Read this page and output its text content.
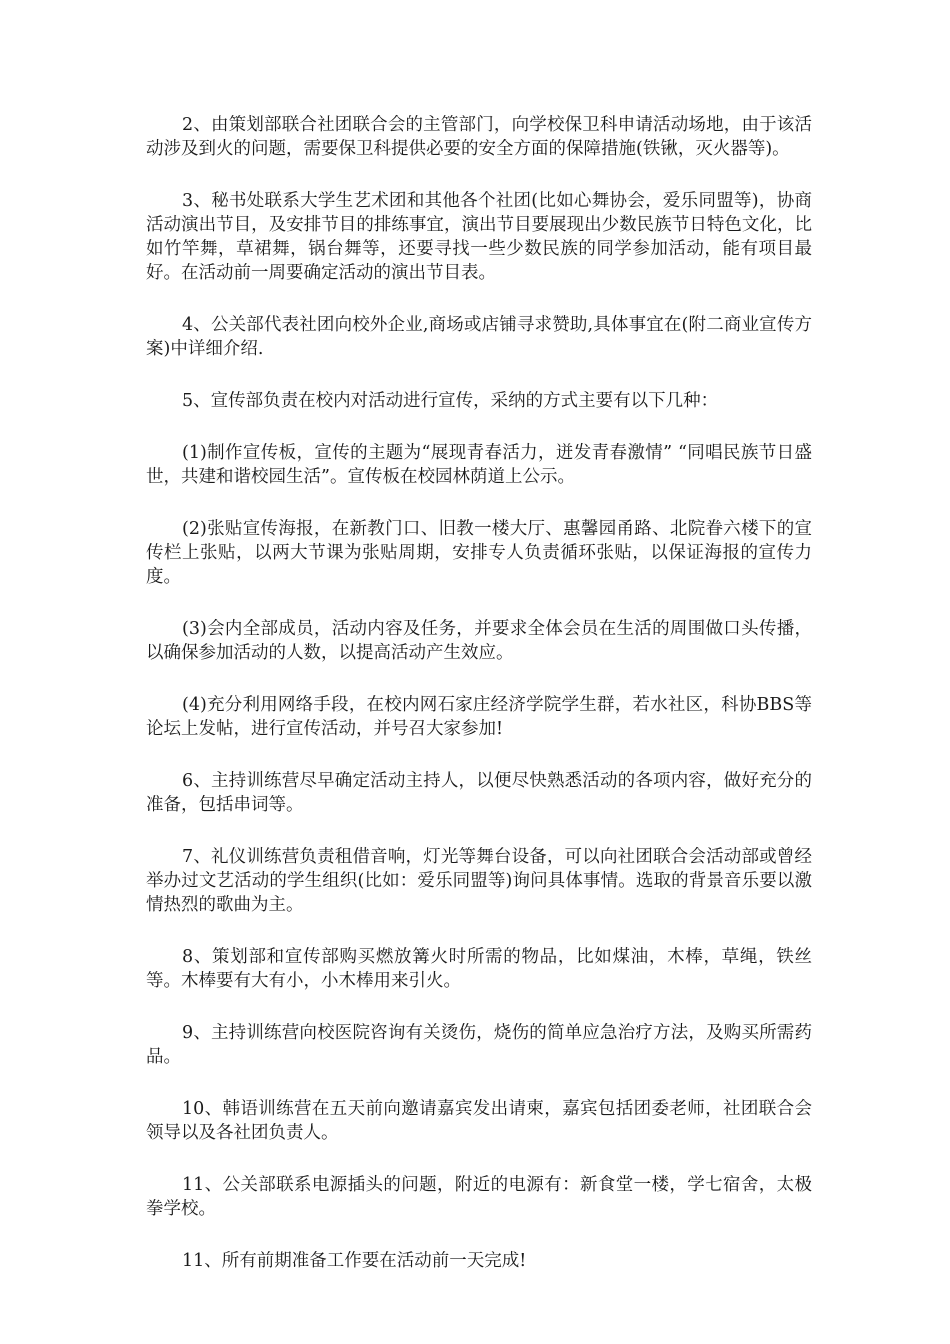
2、由策划部联合社团联合会的主管部门，向学校保卫科申请活动场地，由于该活动涉及到火的问题，需要保卫科提供必要的安全方面的保障措施(铁锹，灭火器等)。

3、秘书处联系大学生艺术团和其他各个社团(比如心舞协会，爱乐同盟等)，协商活动演出节目，及安排节目的排练事宜，演出节目要展现出少数民族节日特色文化，比如竹竿舞，草裙舞，锅台舞等，还要寻找一些少数民族的同学参加活动，能有项目最好。在活动前一周要确定活动的演出节目表。

4、公关部代表社团向校外企业,商场或店铺寻求赞助,具体事宜在(附二商业宣传方案)中详细介绍.

5、宣传部负责在校内对活动进行宣传，采纳的方式主要有以下几种：

(1)制作宣传板，宣传的主题为“展现青春活力，迸发青春激情” “同唱民族节日盛世，共建和谐校园生活”。宣传板在校园林荫道上公示。

(2)张贴宣传海报，在新教门口、旧教一楼大厅、惠馨园甬路、北院眷六楼下的宣传栏上张贴，以两大节课为张贴周期，安排专人负责循环张贴，以保证海报的宣传力度。

(3)会内全部成员，活动内容及任务，并要求全体会员在生活的周围做口头传播，以确保参加活动的人数，以提高活动产生效应。

(4)充分利用网络手段，在校内网石家庄经济学院学生群，若水社区，科协BBS等论坛上发帖，进行宣传活动，并号召大家参加!

6、主持训练营尽早确定活动主持人，以便尽快熟悉活动的各项内容，做好充分的准备，包括串词等。

7、礼仪训练营负责租借音响，灯光等舞台设备，可以向社团联合会活动部或曾经举办过文艺活动的学生组织(比如：爱乐同盟等)询问具体事情。选取的背景音乐要以激情热烈的歌曲为主。

8、策划部和宣传部购买燃放篝火时所需的物品，比如煤油，木棒，草绳，铁丝等。木棒要有大有小，小木棒用来引火。

9、主持训练营向校医院咨询有关烫伤，烧伤的简单应急治疗方法，及购买所需药品。

10、韩语训练营在五天前向邀请嘉宾发出请柬，嘉宾包括团委老师，社团联合会领导以及各社团负责人。

11、公关部联系电源插头的问题，附近的电源有：新食堂一楼，学七宿舍，太极拳学校。

11、所有前期准备工作要在活动前一天完成!
